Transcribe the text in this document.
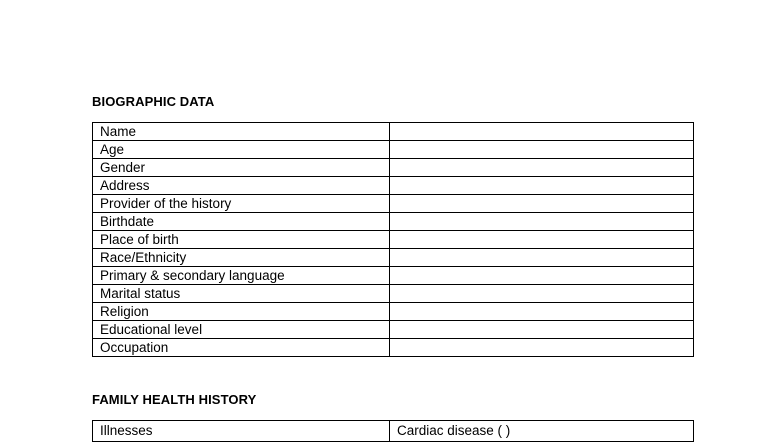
BIOGRAPHIC DATA
Name	
Age	
Gender	
Address	
Provider of the history	
Birthdate	
Place of birth	
Race/Ethnicity	
Primary & secondary language	
Marital status	
Religion	
Educational level	
Occupation	
FAMILY HEALTH HISTORY
Illnesses	Cardiac disease ( )
